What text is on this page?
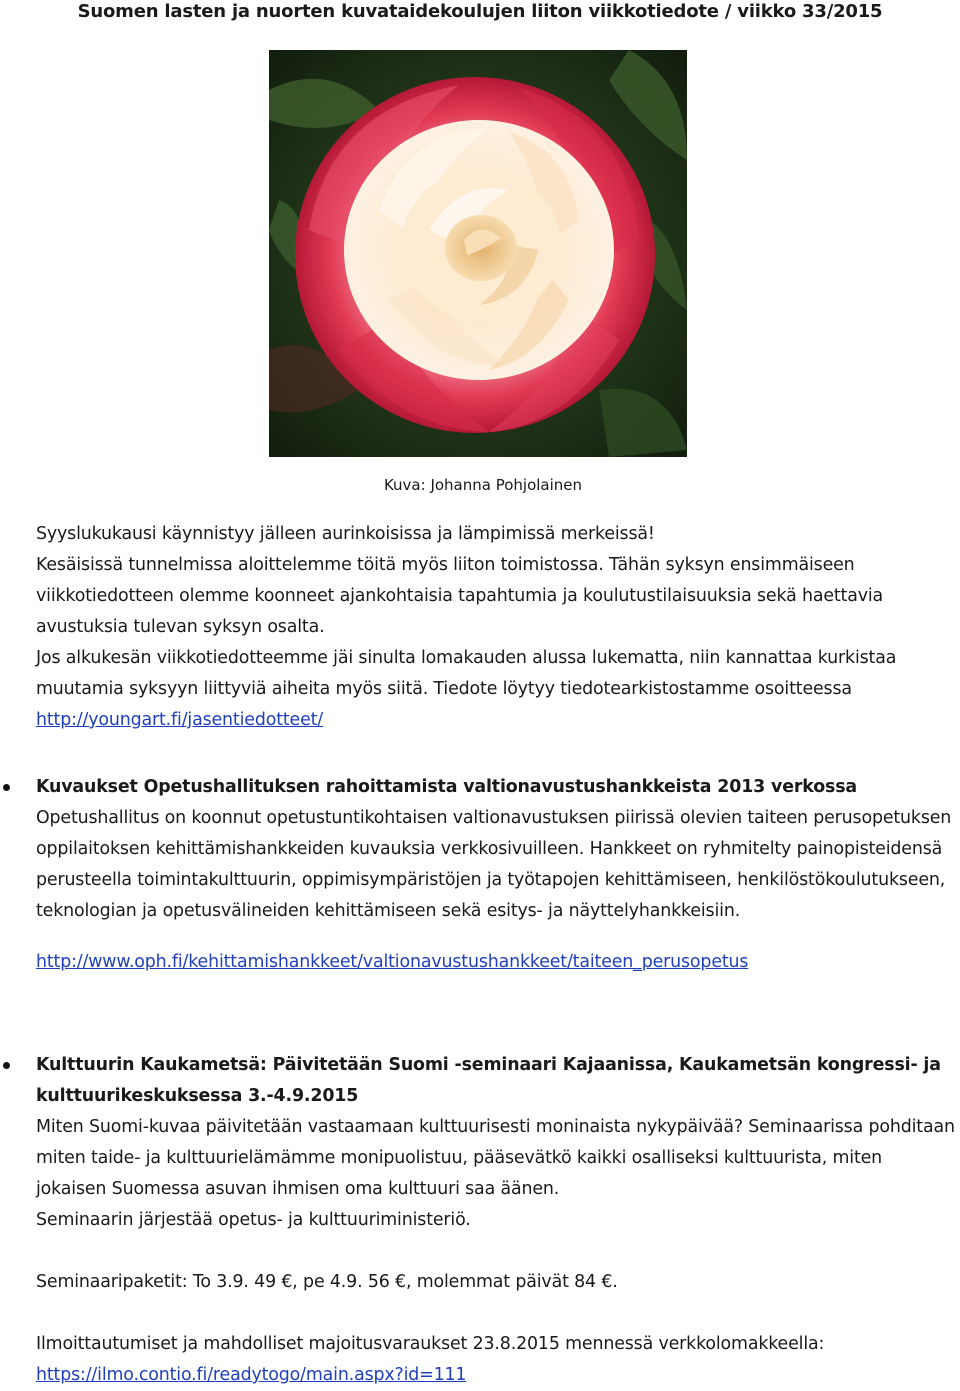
Suomen lasten ja nuorten kuvataidekoulujen liiton viikkotiedote / viikko 33/2015
Kuva: Johanna Pohjolainen

Syyslukukausi käynnistyy jälleen aurinkoisissa ja lämpimissä merkeissä!

Kesäisissä tunnelmissa aloittelemme töitä myös liiton toimistossa. Tähän syksyn ensimmäiseen viikkotiedotteen olemme koonneet ajankohtaisia tapahtumia ja koulutustilaisuuksia sekä haettavia avustuksia tulevan syksyn osalta.

Jos alkukesän viikkotiedotteemme jäi sinulta lomakauden alussa lukematta, niin kannattaa kurkistaa muutamia syksyyn liittyviä aiheita myös siitä. Tiedote löytyy tiedotearkistostamme osoitteessa

http://youngart.fi/jasentiedotteet/

Kuvaukset Opetushallituksen rahoittamista valtionavustushankkeista 2013 verkossa

Opetushallitus on koonnut opetustuntikohtaisen valtionavustuksen piirissä olevien taiteen perusopetuksen oppilaitoksen kehittämishankkeiden kuvauksia verkkosivuilleen. Hankkeet on ryhmitelty painopisteidensä perusteella toimintakulttuurin, oppimisympäristöjen ja työtapojen kehittämiseen, henkilöstökoulutukseen, teknologian ja opetusvälineiden kehittämiseen sekä esitys- ja näyttelyhankkeisiin.

http://www.oph.fi/kehittamishankkeet/valtionavustushankkeet/taiteen_perusopetus

Kulttuurin Kaukametsä: Päivitetään Suomi -seminaari Kajaanissa, Kaukametsän kongressi- ja kulttuurikeskuksessa 3.-4.9.2015

Miten Suomi-kuvaa päivitetään vastaamaan kulttuurisesti moninaista nykypäivää? Seminaarissa pohditaan miten taide- ja kulttuurielämämme monipuolistuu, pääsevätkö kaikki osalliseksi kulttuurista, miten jokaisen Suomessa asuvan ihmisen oma kulttuuri saa äänen.

Seminaarin järjestää opetus- ja kulttuuriministeriö.

Seminaaripaketit: To 3.9. 49 €, pe 4.9. 56 €, molemmat päivät 84 €.

Ilmoittautumiset ja mahdolliset majoitusvaraukset 23.8.2015 mennessä verkkolomakkeella:

https://ilmo.contio.fi/readytogo/main.aspx?id=111
